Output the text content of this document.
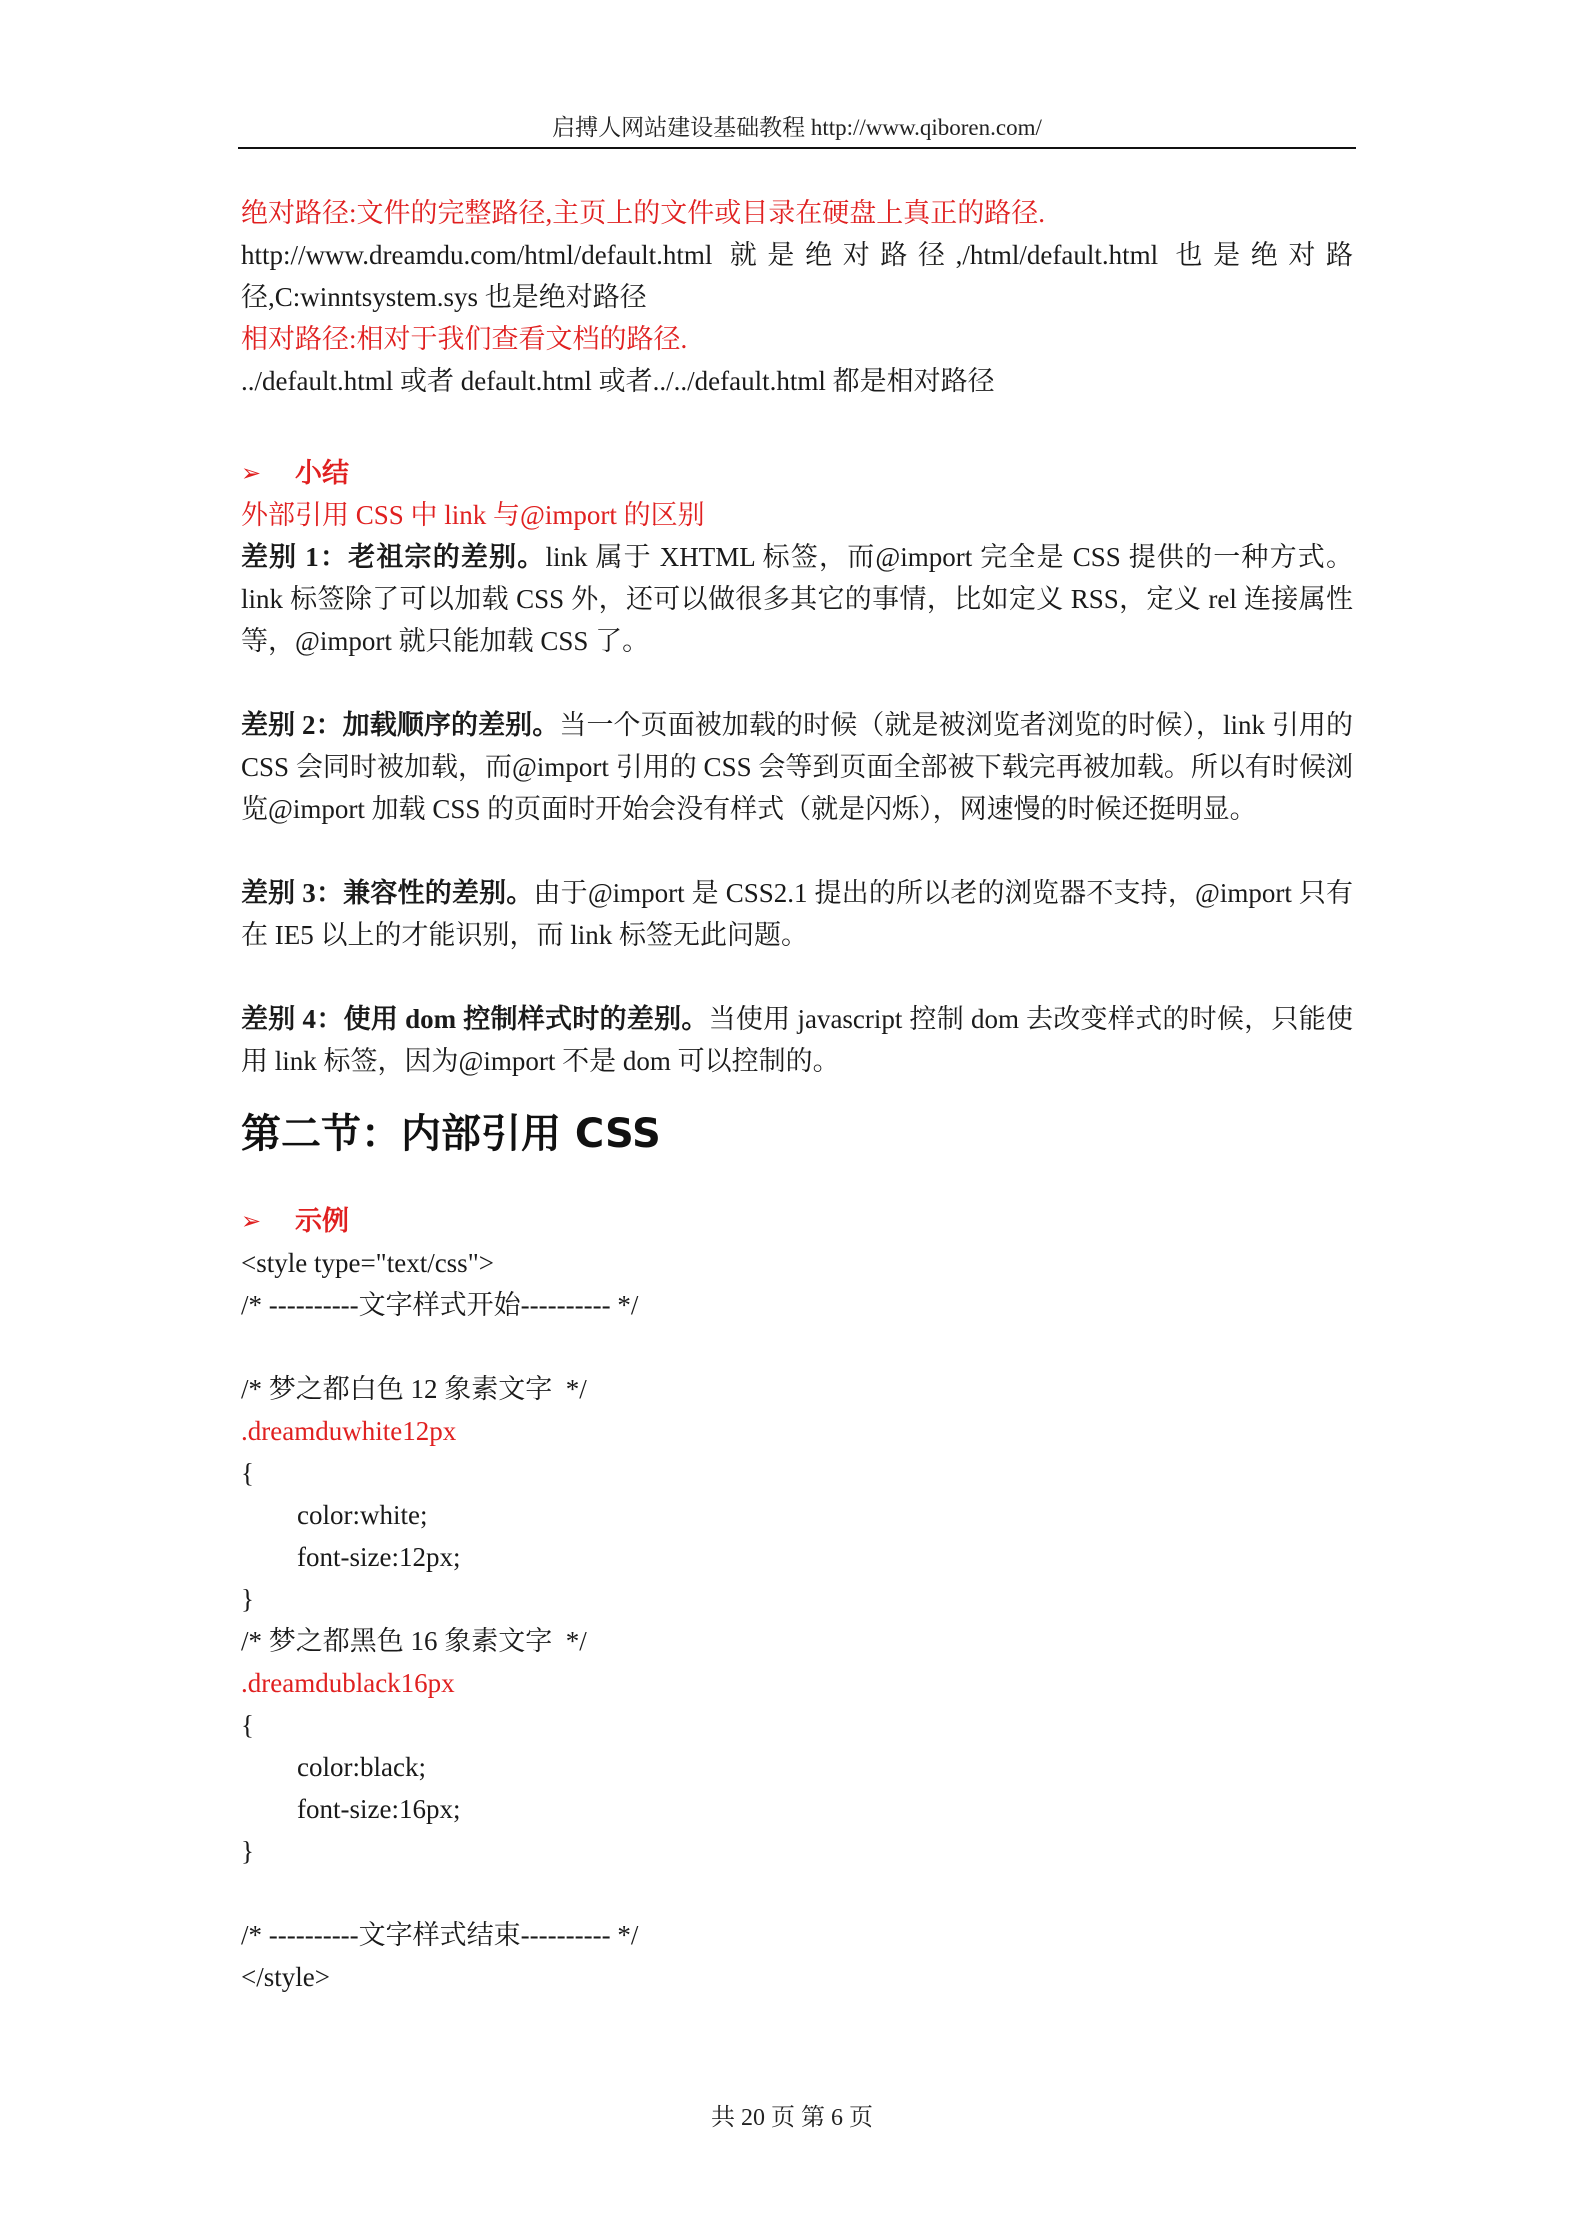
启搏人网站建设基础教程 http://www.qiboren.com/

绝对路径:文件的完整路径,主页上的文件或目录在硬盘上真正的路径.

http://www.dreamdu.com/html/default.html 就是绝对路径,/html/default.html 也是绝对路

径,C:winntsystem.sys 也是绝对路径

相对路径:相对于我们查看文档的路径.

../default.html 或者 default.html 或者../../default.html 都是相对路径

➢ 小结

外部引用 CSS 中 link 与@import 的区别

差别 1：老祖宗的差别。link 属于 XHTML 标签，而@import 完全是 CSS 提供的一种方式。link 标签除了可以加载 CSS 外，还可以做很多其它的事情，比如定义 RSS，定义 rel 连接属性等，@import 就只能加载 CSS 了。

差别 2：加载顺序的差别。当一个页面被加载的时候（就是被浏览者浏览的时候），link 引用的 CSS 会同时被加载，而@import 引用的 CSS 会等到页面全部被下载完再被加载。所以有时候浏览@import 加载 CSS 的页面时开始会没有样式（就是闪烁），网速慢的时候还挺明显。

差别 3：兼容性的差别。由于@import 是 CSS2.1 提出的所以老的浏览器不支持，@import 只有在 IE5 以上的才能识别，而 link 标签无此问题。

差别 4：使用 dom 控制样式时的差别。当使用 javascript 控制 dom 去改变样式的时候，只能使用 link 标签，因为@import 不是 dom 可以控制的。

第二节：内部引用 CSS
➢ 示例

<style type="text/css">

/* ----------文字样式开始---------- */

/* 梦之都白色 12 象素文字  */

.dreamduwhite12px

{

color:white;

font-size:12px;

}

/* 梦之都黑色 16 象素文字  */

.dreamdublack16px

{

color:black;

font-size:16px;

}

/* ----------文字样式结束---------- */

</style>

共 20 页 第 6 页
